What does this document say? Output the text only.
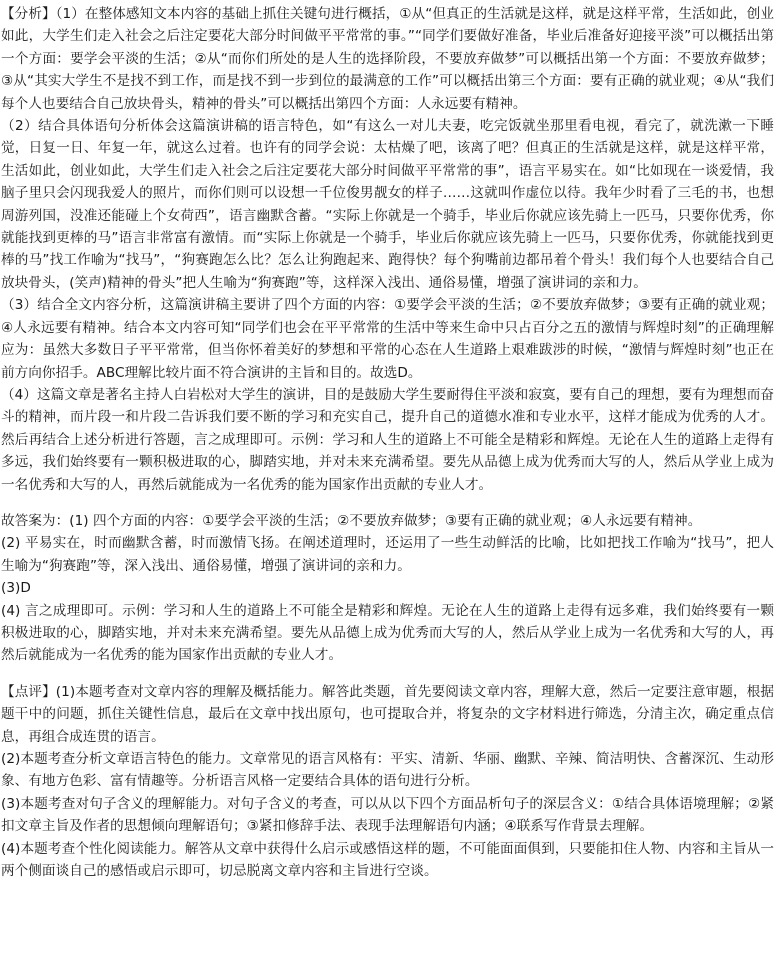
【分析】（1）在整体感知文本内容的基础上抓住关键句进行概括，①从“但真正的生活就是这样，就是这样平常，生活如此，创业如此，大学生们走入社会之后注定要花大部分时间做平平常常的事。”“同学们要做好准备，毕业后准备好迎接平淡”可以概括出第一个方面：要学会平淡的生活；②从“而你们所处的是人生的选择阶段，不要放弃做梦”可以概括出第一个方面：不要放弃做梦；③从“其实大学生不是找不到工作，而是找不到一步到位的最满意的工作”可以概括出第三个方面：要有正确的就业观；④从“我们每个人也要结合自己放块骨头，精神的骨头”可以概括出第四个方面：人永远要有精神。

（2）结合具体语句分析体会这篇演讲稿的语言特色，如“有这么一对儿夫妻，吃完饭就坐那里看电视，看完了，就洗漱一下睡觉，日复一日、年复一年，就这么过着。也许有的同学会说：太枯燥了吧，该离了吧？但真正的生活就是这样，就是这样平常，生活如此，创业如此，大学生们走入社会之后注定要花大部分时间做平平常常的事”，语言平易实在。如“比如现在一谈爱情，我脑子里只会闪现我爱人的照片，而你们则可以设想一千位俊男靓女的样子……这就叫作虚位以待。我年少时看了三毛的书，也想周游列国，没准还能碰上个女荷西”，语言幽默含蓄。“实际上你就是一个骑手，毕业后你就应该先骑上一匹马，只要你优秀，你就能找到更棒的马”语言非常富有激情。而“实际上你就是一个骑手，毕业后你就应该先骑上一匹马，只要你优秀，你就能找到更棒的马”找工作喻为“找马”，“狗赛跑怎么比？怎么让狗跑起来、跑得快？每个狗嘴前边都吊着个骨头！我们每个人也要结合自己放块骨头，(笑声)精神的骨头”把人生喻为“狗赛跑”等，这样深入浅出、通俗易懂，增强了演讲词的亲和力。

（3）结合全文内容分析，这篇演讲稿主要讲了四个方面的内容：①要学会平淡的生活；②不要放弃做梦；③要有正确的就业观；④人永远要有精神。结合本文内容可知“同学们也会在平平常常的生活中等来生命中只占百分之五的激情与辉煌时刻”的正确理解应为：虽然大多数日子平平常常，但当你怀着美好的梦想和平常的心态在人生道路上艰难跋涉的时候，“激情与辉煌时刻”也正在前方向你招手。ABC理解比较片面不符合演讲的主旨和目的。故选D。

（4）这篇文章是著名主持人白岩松对大学生的演讲，目的是鼓励大学生要耐得住平淡和寂寞，要有自己的理想，要有为理想而奋斗的精神，而片段一和片段二告诉我们要不断的学习和充实自己，提升自己的道德水准和专业水平，这样才能成为优秀的人才。然后再结合上述分析进行答题，言之成理即可。示例：学习和人生的道路上不可能全是精彩和辉煌。无论在人生的道路上走得有多远，我们始终要有一颗积极进取的心，脚踏实地，并对未来充满希望。要先从品德上成为优秀而大写的人，然后从学业上成为一名优秀和大写的人，再然后就能成为一名优秀的能为国家作出贡献的专业人才。

故答案为：(1) 四个方面的内容：①要学会平淡的生活；②不要放弃做梦；③要有正确的就业观；④人永远要有精神。

(2) 平易实在，时而幽默含蓄，时而激情飞扬。在阐述道理时，还运用了一些生动鲜活的比喻，比如把找工作喻为“找马”，把人生喻为“狗赛跑”等，深入浅出、通俗易懂，增强了演讲词的亲和力。

(3)D

(4) 言之成理即可。示例：学习和人生的道路上不可能全是精彩和辉煌。无论在人生的道路上走得有远多难，我们始终要有一颗积极进取的心，脚踏实地，并对未来充满希望。要先从品德上成为优秀而大写的人，然后从学业上成为一名优秀和大写的人，再然后就能成为一名优秀的能为国家作出贡献的专业人才。

【点评】(1)本题考查对文章内容的理解及概括能力。解答此类题，首先要阅读文章内容，理解大意，然后一定要注意审题，根据题干中的问题，抓住关键性信息，最后在文章中找出原句，也可提取合并，将复杂的文字材料进行筛选，分清主次，确定重点信息，再组合成连贯的语言。

(2)本题考查分析文章语言特色的能力。文章常见的语言风格有：平实、清新、华丽、幽默、辛辣、简洁明快、含蓄深沉、生动形象、有地方色彩、富有情趣等。分析语言风格一定要结合具体的语句进行分析。

(3)本题考查对句子含义的理解能力。对句子含义的考查，可以从以下四个方面品析句子的深层含义：①结合具体语境理解；②紧扣文章主旨及作者的思想倾向理解语句；③紧扣修辞手法、表现手法理解语句内涵；④联系写作背景去理解。

(4)本题考查个性化阅读能力。解答从文章中获得什么启示或感悟这样的题，不可能面面俱到，只要能扣住人物、内容和主旨从一两个侧面谈自己的感悟或启示即可，切忌脱离文章内容和主旨进行空谈。
